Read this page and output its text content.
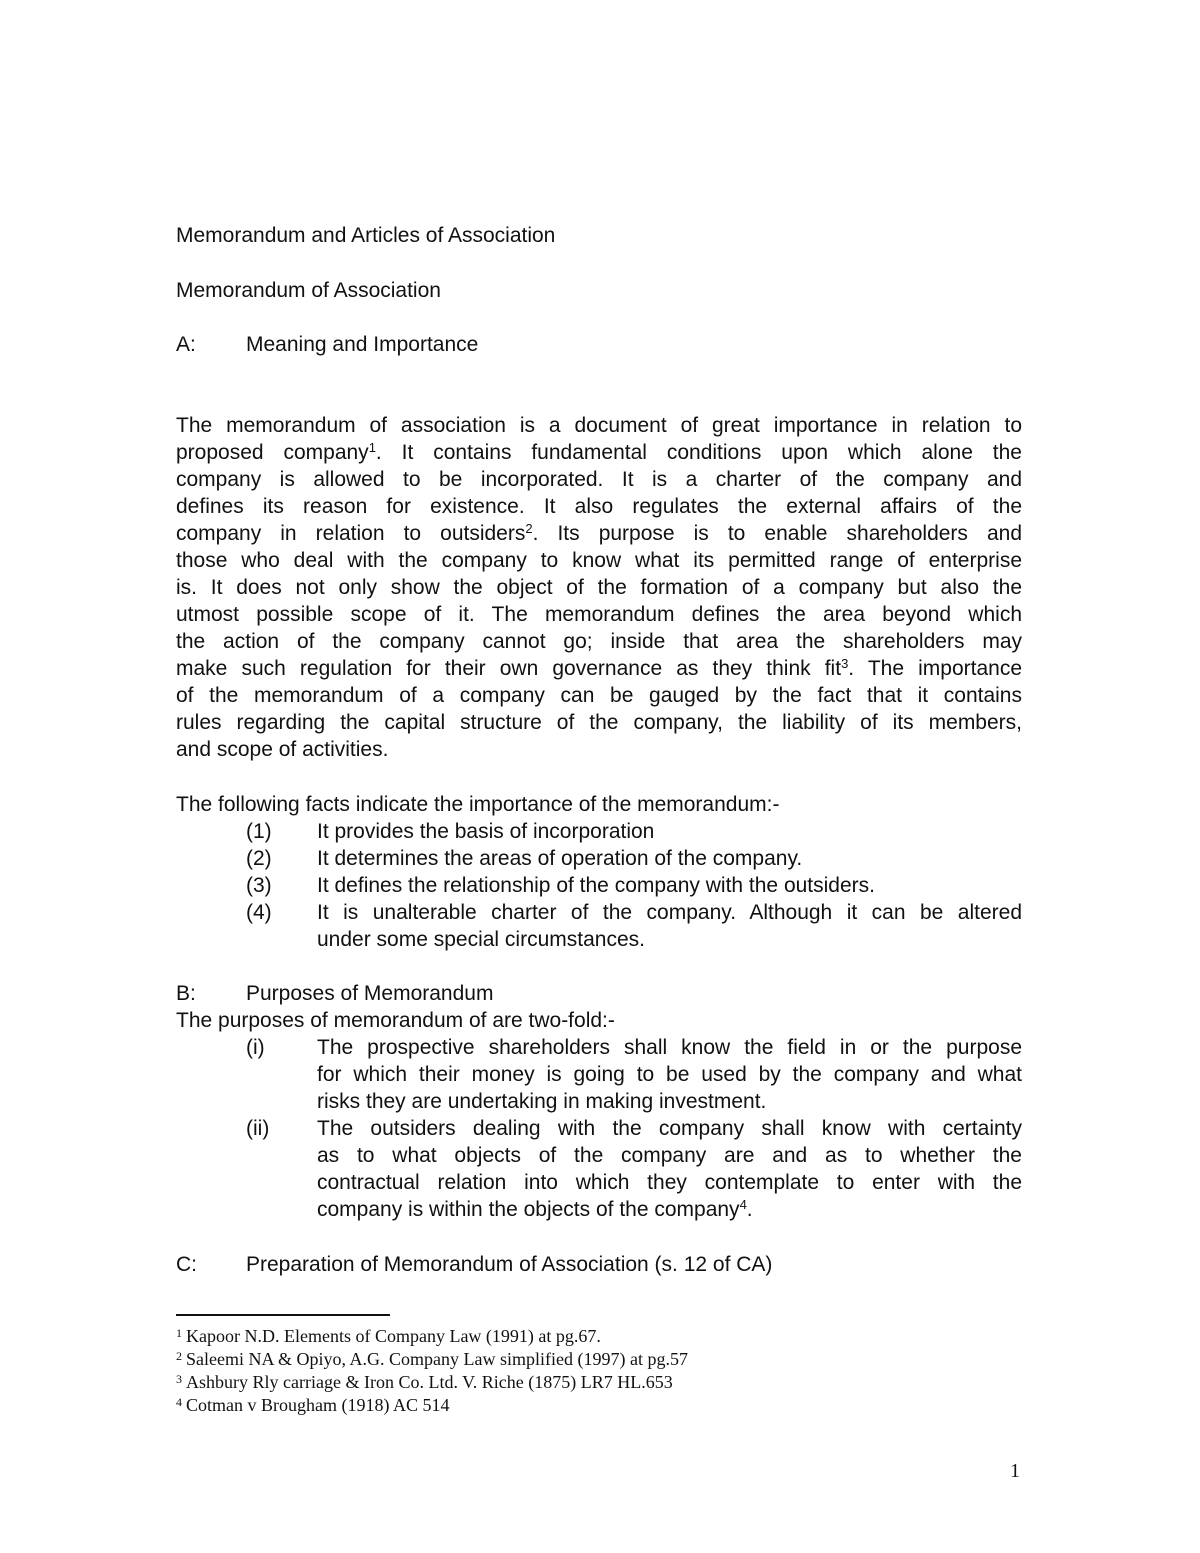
Memorandum and Articles of Association
Memorandum of Association
A: Meaning and Importance
The memorandum of association is a document of great importance in relation to
proposed company$^1$. It contains fundamental conditions upon which alone the
company is allowed to be incorporated. It is a charter of the company and
defines its reason for existence. It also regulates the external affairs of the
company in relation to outsiders$^2$. Its purpose is to enable shareholders and
those who deal with the company to know what its permitted range of enterprise
is. It does not only show the object of the formation of a company but also the
utmost possible scope of it. The memorandum defines the area beyond which
the action of the company cannot go; inside that area the shareholders may
make such regulation for their own governance as they think fit$^3$. The importance
of the memorandum of a company can be gauged by the fact that it contains
rules regarding the capital structure of the company, the liability of its members,
and scope of activities.
The following facts indicate the importance of the memorandum:-
(1) It provides the basis of incorporation
(2) It determines the areas of operation of the company.
(3) It defines the relationship of the company with the outsiders.
(4) It is unalterable charter of the company. Although it can be altered
under some special circumstances.
B: Purposes of Memorandum
The purposes of memorandum of are two-fold:-
(i) The prospective shareholders shall know the field in or the purpose
for which their money is going to be used by the company and what
risks they are undertaking in making investment.
(ii) The outsiders dealing with the company shall know with certainty
as to what objects of the company are and as to whether the
contractual relation into which they contemplate to enter with the
company is within the objects of the company$^4$.
C: Preparation of Memorandum of Association (s. 12 of CA)
$^1$ Kapoor N.D. Elements of Company Law (1991) at pg.67.
$^2$ Saleemi NA & Opiyo, A.G. Company Law simplified (1997) at pg.57
$^3$ Ashbury Rly carriage & Iron Co. Ltd. V. Riche (1875) LR7 HL.653
$^4$ Cotman v Brougham (1918) AC 514
1
